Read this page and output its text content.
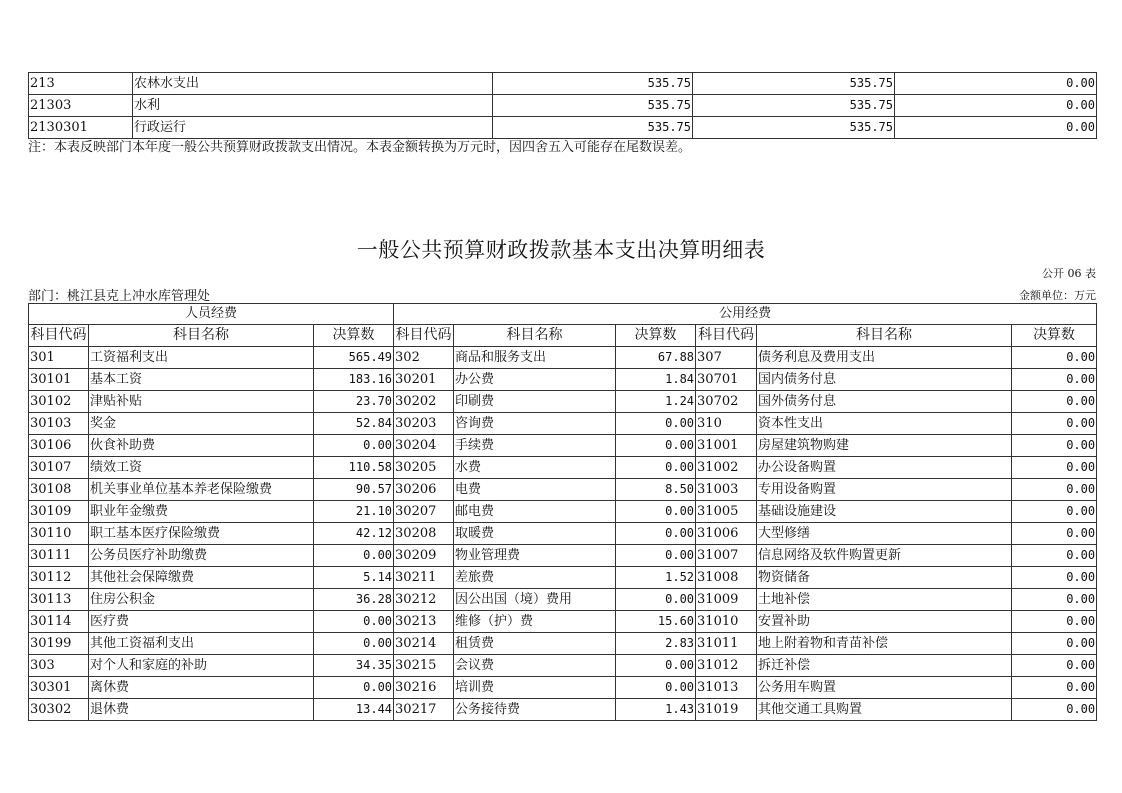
213	农林水支出	535.75	535.75	0.00
21303	水利	535.75	535.75	0.00
2130301	行政运行	535.75	535.75	0.00
注：本表反映部门本年度一般公共预算财政拨款支出情况。本表金额转换为万元时，因四舍五入可能存在尾数误差。
一般公共预算财政拨款基本支出决算明细表
公开 06 表
部门：桃江县克上冲水库管理处	金额单位：万元
人员经费			公用经费					
科目代码	科目名称	决算数	科目代码	科目名称	决算数	科目代码	科目名称	决算数
301	工资福利支出	565.49	302	商品和服务支出	67.88	307	债务利息及费用支出	0.00
30101	基本工资	183.16	30201	办公费	1.84	30701	国内债务付息	0.00
30102	津贴补贴	23.70	30202	印刷费	1.24	30702	国外债务付息	0.00
30103	奖金	52.84	30203	咨询费	0.00	310	资本性支出	0.00
30106	伙食补助费	0.00	30204	手续费	0.00	31001	房屋建筑物购建	0.00
30107	绩效工资	110.58	30205	水费	0.00	31002	办公设备购置	0.00
30108	机关事业单位基本养老保险缴费	90.57	30206	电费	8.50	31003	专用设备购置	0.00
30109	职业年金缴费	21.10	30207	邮电费	0.00	31005	基础设施建设	0.00
30110	职工基本医疗保险缴费	42.12	30208	取暖费	0.00	31006	大型修缮	0.00
30111	公务员医疗补助缴费	0.00	30209	物业管理费	0.00	31007	信息网络及软件购置更新	0.00
30112	其他社会保障缴费	5.14	30211	差旅费	1.52	31008	物资储备	0.00
30113	住房公积金	36.28	30212	因公出国（境）费用	0.00	31009	土地补偿	0.00
30114	医疗费	0.00	30213	维修（护）费	15.60	31010	安置补助	0.00
30199	其他工资福利支出	0.00	30214	租赁费	2.83	31011	地上附着物和青苗补偿	0.00
303	对个人和家庭的补助	34.35	30215	会议费	0.00	31012	拆迁补偿	0.00
30301	离休费	0.00	30216	培训费	0.00	31013	公务用车购置	0.00
30302	退休费	13.44	30217	公务接待费	1.43	31019	其他交通工具购置	0.00
